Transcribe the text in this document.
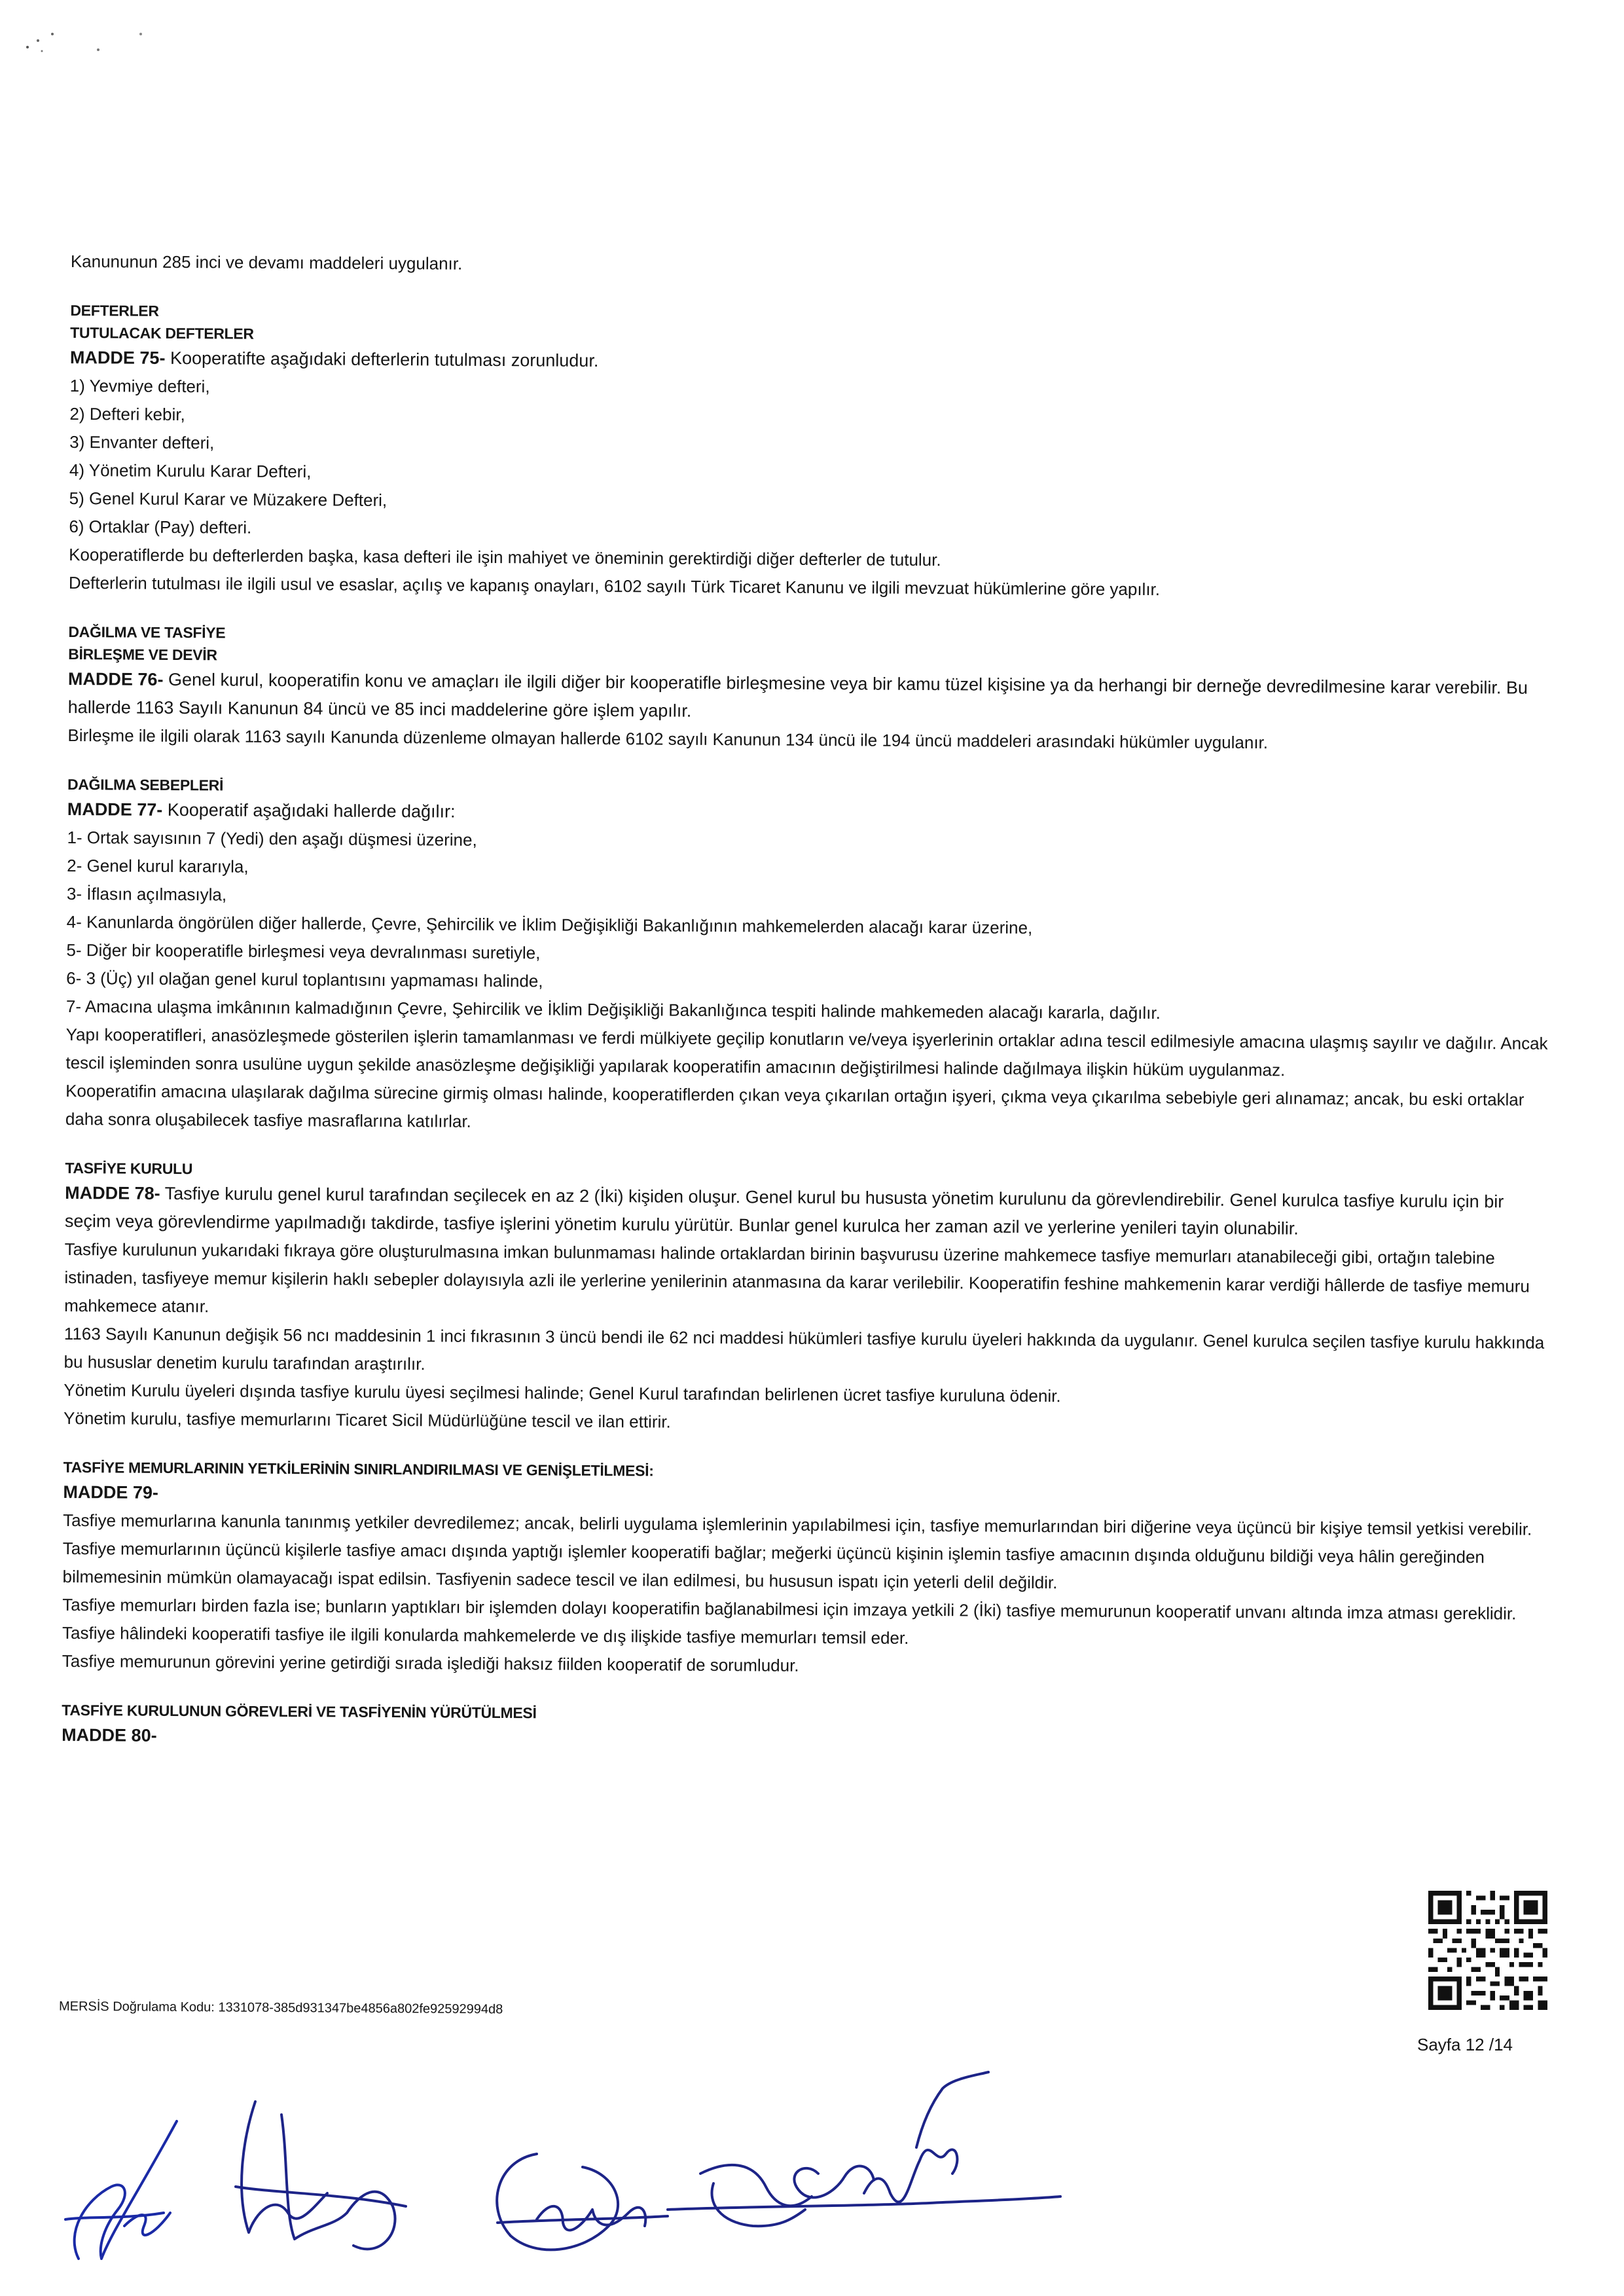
Kanununun 285 inci ve devamı maddeleri uygulanır.

DEFTERLER

TUTULACAK DEFTERLER

MADDE 75- Kooperatifte aşağıdaki defterlerin tutulması zorunludur.

1) Yevmiye defteri,

2) Defteri kebir,

3) Envanter defteri,

4) Yönetim Kurulu Karar Defteri,

5) Genel Kurul Karar ve Müzakere Defteri,

6) Ortaklar (Pay) defteri.

Kooperatiflerde bu defterlerden başka, kasa defteri ile işin mahiyet ve öneminin gerektirdiği diğer defterler de tutulur.

Defterlerin tutulması ile ilgili usul ve esaslar, açılış ve kapanış onayları, 6102 sayılı Türk Ticaret Kanunu ve ilgili mevzuat hükümlerine göre yapılır.

DAĞILMA VE TASFİYE

BİRLEŞME VE DEVİR

MADDE 76- Genel kurul, kooperatifin konu ve amaçları ile ilgili diğer bir kooperatifle birleşmesine veya bir kamu tüzel kişisine ya da herhangi bir derneğe devredilmesine karar verebilir. Bu hallerde 1163 Sayılı Kanunun 84 üncü ve 85 inci maddelerine göre işlem yapılır.

Birleşme ile ilgili olarak 1163 sayılı Kanunda düzenleme olmayan hallerde 6102 sayılı Kanunun 134 üncü ile 194 üncü maddeleri arasındaki hükümler uygulanır.

DAĞILMA SEBEPLERİ

MADDE 77- Kooperatif aşağıdaki hallerde dağılır:

1- Ortak sayısının 7 (Yedi) den aşağı düşmesi üzerine,

2- Genel kurul kararıyla,

3- İflasın açılmasıyla,

4- Kanunlarda öngörülen diğer hallerde, Çevre, Şehircilik ve İklim Değişikliği Bakanlığının mahkemelerden alacağı karar üzerine,

5- Diğer bir kooperatifle birleşmesi veya devralınması suretiyle,

6- 3 (Üç) yıl olağan genel kurul toplantısını yapmaması halinde,

7- Amacına ulaşma imkânının kalmadığının Çevre, Şehircilik ve İklim Değişikliği Bakanlığınca tespiti halinde mahkemeden alacağı kararla, dağılır.

Yapı kooperatifleri, anasözleşmede gösterilen işlerin tamamlanması ve ferdi mülkiyete geçilip konutların ve/veya işyerlerinin ortaklar adına tescil edilmesiyle amacına ulaşmış sayılır ve dağılır. Ancak tescil işleminden sonra usulüne uygun şekilde anasözleşme değişikliği yapılarak kooperatifin amacının değiştirilmesi halinde dağılmaya ilişkin hüküm uygulanmaz.

Kooperatifin amacına ulaşılarak dağılma sürecine girmiş olması halinde, kooperatiflerden çıkan veya çıkarılan ortağın işyeri, çıkma veya çıkarılma sebebiyle geri alınamaz; ancak, bu eski ortaklar daha sonra oluşabilecek tasfiye masraflarına katılırlar.

TASFİYE KURULU

MADDE 78- Tasfiye kurulu genel kurul tarafından seçilecek en az 2 (İki) kişiden oluşur. Genel kurul bu hususta yönetim kurulunu da görevlendirebilir. Genel kurulca tasfiye kurulu için bir seçim veya görevlendirme yapılmadığı takdirde, tasfiye işlerini yönetim kurulu yürütür. Bunlar genel kurulca her zaman azil ve yerlerine yenileri tayin olunabilir.

Tasfiye kurulunun yukarıdaki fıkraya göre oluşturulmasına imkan bulunmaması halinde ortaklardan birinin başvurusu üzerine mahkemece tasfiye memurları atanabileceği gibi, ortağın talebine istinaden, tasfiyeye memur kişilerin haklı sebepler dolayısıyla azli ile yerlerine yenilerinin atanmasına da karar verilebilir. Kooperatifin feshine mahkemenin karar verdiği hâllerde de tasfiye memuru mahkemece atanır.

1163 Sayılı Kanunun değişik 56 ncı maddesinin 1 inci fıkrasının 3 üncü bendi ile 62 nci maddesi hükümleri tasfiye kurulu üyeleri hakkında da uygulanır. Genel kurulca seçilen tasfiye kurulu hakkında bu hususlar denetim kurulu tarafından araştırılır.

Yönetim Kurulu üyeleri dışında tasfiye kurulu üyesi seçilmesi halinde; Genel Kurul tarafından belirlenen ücret tasfiye kuruluna ödenir.

Yönetim kurulu, tasfiye memurlarını Ticaret Sicil Müdürlüğüne tescil ve ilan ettirir.

TASFİYE MEMURLARININ YETKİLERİNİN SINIRLANDIRILMASI VE GENİŞLETİLMESİ:

MADDE 79-

Tasfiye memurlarına kanunla tanınmış yetkiler devredilemez; ancak, belirli uygulama işlemlerinin yapılabilmesi için, tasfiye memurlarından biri diğerine veya üçüncü bir kişiye temsil yetkisi verebilir.

Tasfiye memurlarının üçüncü kişilerle tasfiye amacı dışında yaptığı işlemler kooperatifi bağlar; meğerki üçüncü kişinin işlemin tasfiye amacının dışında olduğunu bildiği veya hâlin gereğinden bilmemesinin mümkün olamayacağı ispat edilsin. Tasfiyenin sadece tescil ve ilan edilmesi, bu hususun ispatı için yeterli delil değildir.

Tasfiye memurları birden fazla ise; bunların yaptıkları bir işlemden dolayı kooperatifin bağlanabilmesi için imzaya yetkili 2 (İki) tasfiye memurunun kooperatif unvanı altında imza atması gereklidir. Tasfiye hâlindeki kooperatifi tasfiye ile ilgili konularda mahkemelerde ve dış ilişkide tasfiye memurları temsil eder.

Tasfiye memurunun görevini yerine getirdiği sırada işlediği haksız fiilden kooperatif de sorumludur.

TASFİYE KURULUNUN GÖREVLERİ VE TASFİYENİN YÜRÜTÜLMESİ

MADDE 80-

MERSİS Doğrulama Kodu: 1331078-385d931347be4856a802fe92592994d8
Sayfa 12 /14
